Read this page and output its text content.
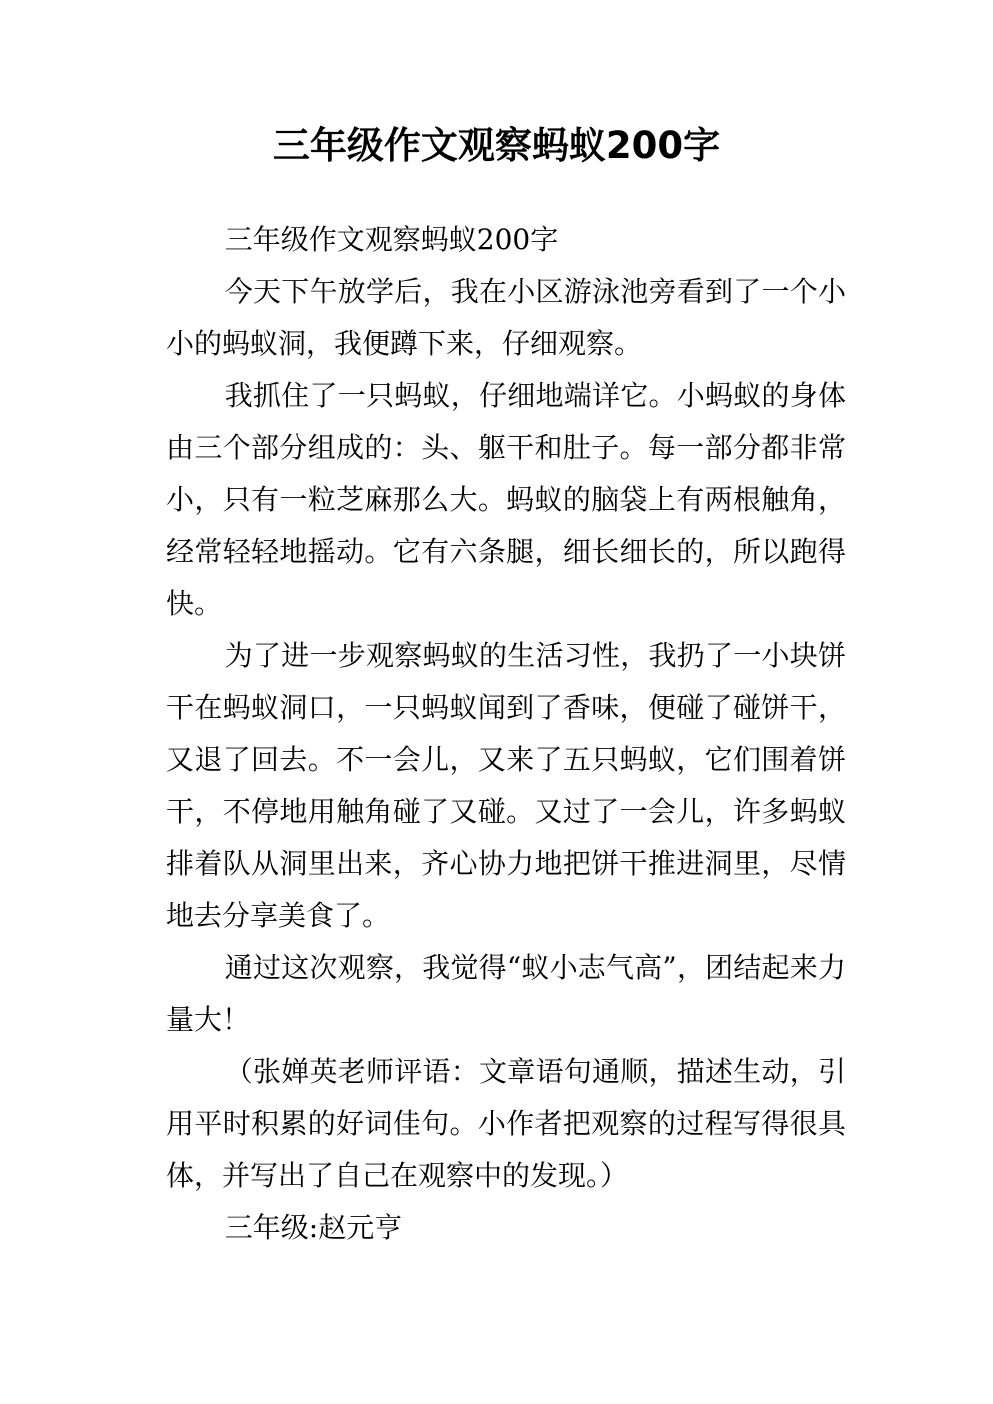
三年级作文观察蚂蚁200字

三年级作文观察蚂蚁200字

今天下午放学后，我在小区游泳池旁看到了一个小小的蚂蚁洞，我便蹲下来，仔细观察。

我抓住了一只蚂蚁，仔细地端详它。小蚂蚁的身体由三个部分组成的：头、躯干和肚子。每一部分都非常小，只有一粒芝麻那么大。蚂蚁的脑袋上有两根触角，经常轻轻地摇动。它有六条腿，细长细长的，所以跑得快。

为了进一步观察蚂蚁的生活习性，我扔了一小块饼干在蚂蚁洞口，一只蚂蚁闻到了香味，便碰了碰饼干，又退了回去。不一会儿，又来了五只蚂蚁，它们围着饼干，不停地用触角碰了又碰。又过了一会儿，许多蚂蚁排着队从洞里出来，齐心协力地把饼干推进洞里，尽情地去分享美食了。

通过这次观察，我觉得“蚁小志气高”，团结起来力量大！

（张婵英老师评语：文章语句通顺，描述生动，引用平时积累的好词佳句。小作者把观察的过程写得很具体，并写出了自己在观察中的发现。）

三年级:赵元亨
